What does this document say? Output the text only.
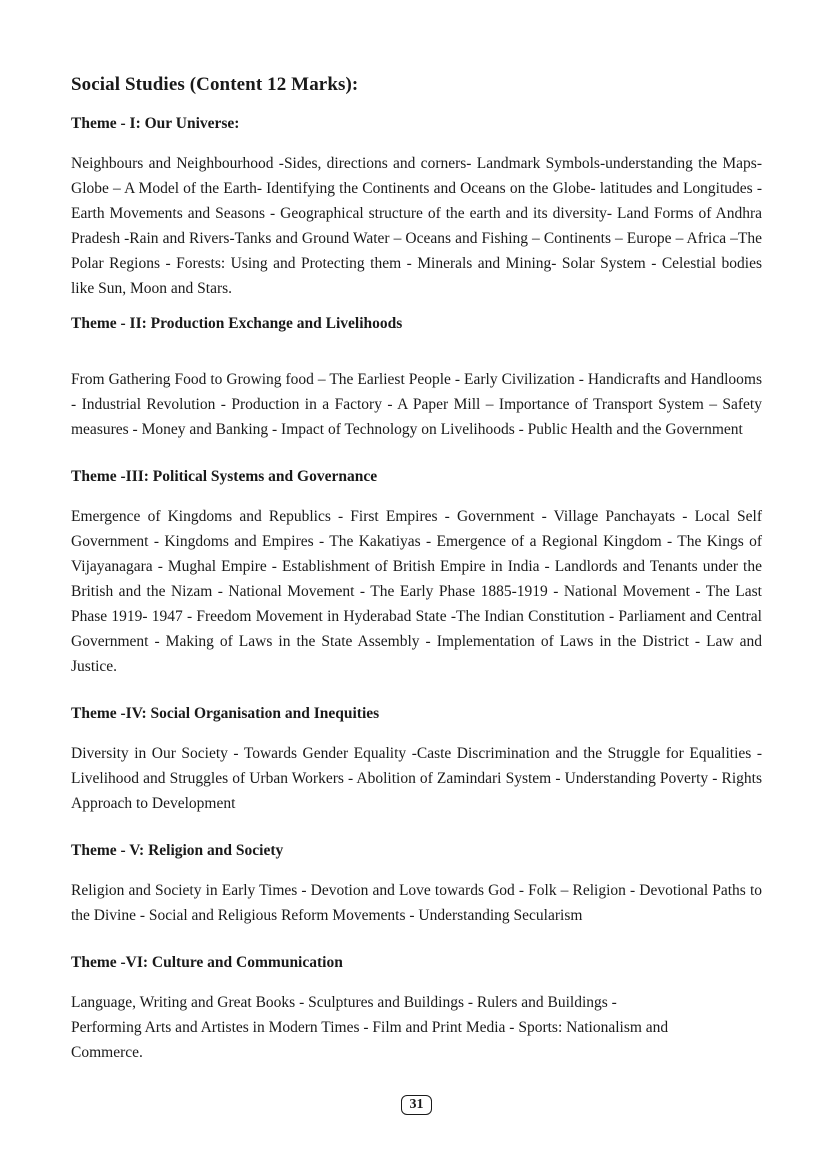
Social Studies (Content 12 Marks):
Theme - I: Our Universe:

Neighbours and Neighbourhood -Sides, directions and corners- Landmark Symbols-understanding the Maps- Globe – A Model of the Earth- Identifying the Continents and Oceans on the Globe- latitudes and Longitudes - Earth Movements and Seasons - Geographical structure of the earth and its diversity- Land Forms of Andhra Pradesh -Rain and Rivers-Tanks and Ground Water – Oceans and Fishing – Continents – Europe – Africa –The Polar Regions - Forests: Using and Protecting them - Minerals and Mining- Solar System - Celestial bodies like Sun, Moon and Stars.

Theme - II: Production Exchange and Livelihoods

From Gathering Food to Growing food – The Earliest People - Early Civilization - Handicrafts and Handlooms - Industrial Revolution - Production in a Factory - A Paper Mill – Importance of Transport System – Safety measures - Money and Banking - Impact of Technology on Livelihoods - Public Health and the Government

Theme -III: Political Systems and Governance

Emergence of Kingdoms and Republics - First Empires - Government - Village Panchayats - Local Self Government - Kingdoms and Empires - The Kakatiyas - Emergence of a Regional Kingdom - The Kings of Vijayanagara - Mughal Empire - Establishment of British Empire in India - Landlords and Tenants under the British and the Nizam - National Movement - The Early Phase 1885-1919 - National Movement - The Last Phase 1919- 1947 - Freedom Movement in Hyderabad State -The Indian Constitution - Parliament and Central Government - Making of Laws in the State Assembly - Implementation of Laws in the District - Law and Justice.

Theme -IV: Social Organisation and Inequities

Diversity in Our Society - Towards Gender Equality -Caste Discrimination and the Struggle for Equalities - Livelihood and Struggles of Urban Workers - Abolition of Zamindari System - Understanding Poverty - Rights Approach to Development

Theme - V: Religion and Society

Religion and Society in Early Times - Devotion and Love towards God - Folk – Religion - Devotional Paths to the Divine - Social and Religious Reform Movements - Understanding Secularism

Theme -VI: Culture and Communication

Language, Writing and Great Books - Sculptures and Buildings - Rulers and Buildings -
Performing Arts and Artistes in Modern Times - Film and Print Media - Sports: Nationalism and
Commerce.

31
